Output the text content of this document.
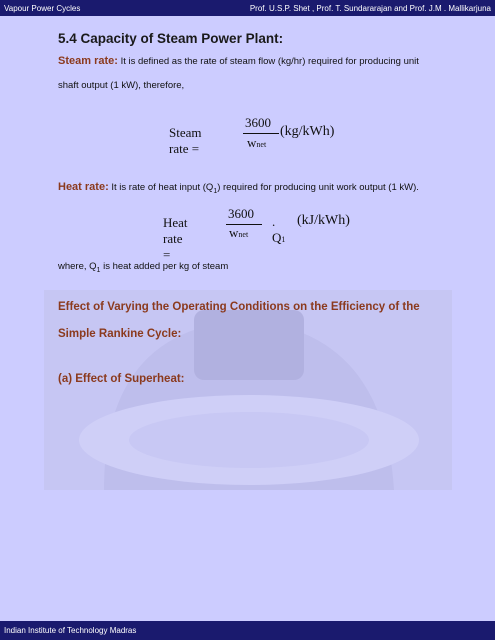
Vapour Power Cycles	Prof. U.S.P. Shet , Prof. T. Sundararajan and Prof. J.M . Mallikarjuna
5.4 Capacity of Steam Power Plant:

Steam rate: It is defined as the rate of steam flow (kg/hr) required for producing unit

shaft output (1 kW), therefore,

Steam rate =
3600
wnet
(kg/kWh)

Heat rate: It is rate of heat input $(Q_1)$ required for producing unit work output (1 kW).

Heat rate =
3600
wnet
. Q1
(kJ/kWh)

where, $Q_1$ is heat added per kg of steam

Effect of Varying the Operating Conditions on the Efficiency of the

Simple Rankine Cycle:

(a) Effect of Superheat:

Indian Institute of Technology Madras
